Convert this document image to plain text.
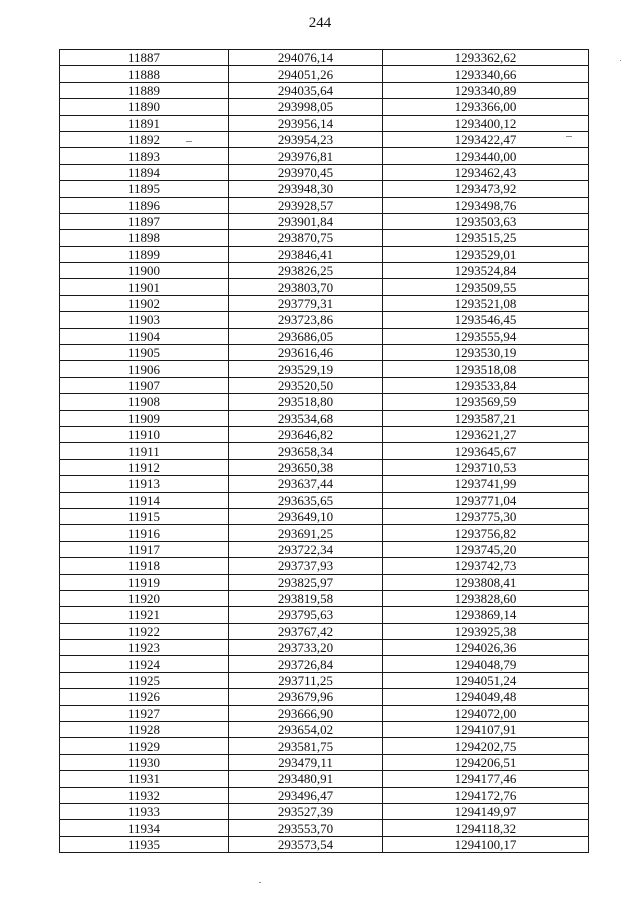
244
11887	294076,14	1293362,62
11888	294051,26	1293340,66
11889	294035,64	1293340,89
11890	293998,05	1293366,00
11891	293956,14	1293400,12
11892	293954,23	1293422,47
11893	293976,81	1293440,00
11894	293970,45	1293462,43
11895	293948,30	1293473,92
11896	293928,57	1293498,76
11897	293901,84	1293503,63
11898	293870,75	1293515,25
11899	293846,41	1293529,01
11900	293826,25	1293524,84
11901	293803,70	1293509,55
11902	293779,31	1293521,08
11903	293723,86	1293546,45
11904	293686,05	1293555,94
11905	293616,46	1293530,19
11906	293529,19	1293518,08
11907	293520,50	1293533,84
11908	293518,80	1293569,59
11909	293534,68	1293587,21
11910	293646,82	1293621,27
11911	293658,34	1293645,67
11912	293650,38	1293710,53
11913	293637,44	1293741,99
11914	293635,65	1293771,04
11915	293649,10	1293775,30
11916	293691,25	1293756,82
11917	293722,34	1293745,20
11918	293737,93	1293742,73
11919	293825,97	1293808,41
11920	293819,58	1293828,60
11921	293795,63	1293869,14
11922	293767,42	1293925,38
11923	293733,20	1294026,36
11924	293726,84	1294048,79
11925	293711,25	1294051,24
11926	293679,96	1294049,48
11927	293666,90	1294072,00
11928	293654,02	1294107,91
11929	293581,75	1294202,75
11930	293479,11	1294206,51
11931	293480,91	1294177,46
11932	293496,47	1294172,76
11933	293527,39	1294149,97
11934	293553,70	1294118,32
11935	293573,54	1294100,17
